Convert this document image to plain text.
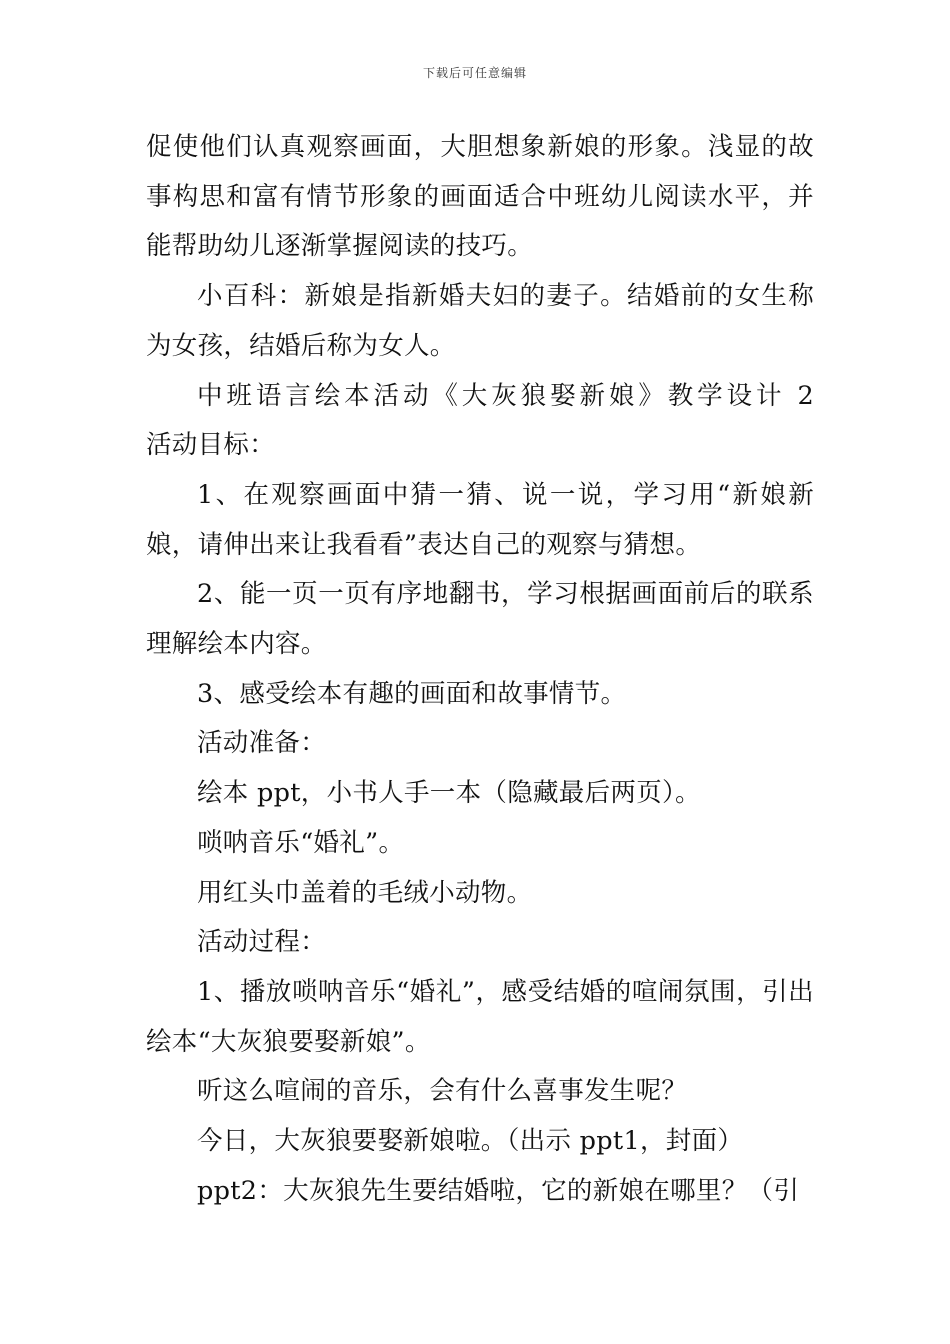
下载后可任意编辑

促使他们认真观察画面，大胆想象新娘的形象。浅显的故事构思和富有情节形象的画面适合中班幼儿阅读水平，并能帮助幼儿逐渐掌握阅读的技巧。

小百科：新娘是指新婚夫妇的妻子。结婚前的女生称为女孩，结婚后称为女人。

中班语言绘本活动《大灰狼娶新娘》教学设计 2　　活动目标：

1、在观察画面中猜一猜、说一说，学习用“新娘新娘，请伸出来让我看看”表达自己的观察与猜想。

2、能一页一页有序地翻书，学习根据画面前后的联系理解绘本内容。

3、感受绘本有趣的画面和故事情节。

活动准备：

绘本 ppt，小书人手一本（隐藏最后两页）。

唢呐音乐“婚礼”。

用红头巾盖着的毛绒小动物。

活动过程：

1、播放唢呐音乐“婚礼”，感受结婚的喧闹氛围，引出绘本“大灰狼要娶新娘”。

听这么喧闹的音乐，会有什么喜事发生呢？

今日，大灰狼要娶新娘啦。（出示 ppt1，封面）

ppt2：大灰狼先生要结婚啦，它的新娘在哪里？（引
